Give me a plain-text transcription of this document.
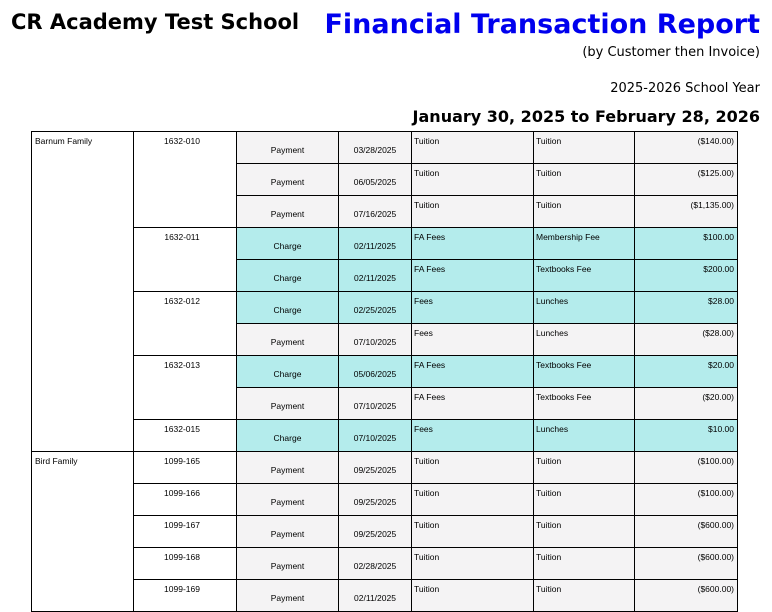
CR Academy Test School Financial Transaction Report
(by Customer then Invoice)
2025-2026 School Year
January 30, 2025 to February 28, 2026
Barnum Family	1632-010	Payment	03/28/2025	Tuition	Tuition	($140.00)
		Payment	06/05/2025	Tuition	Tuition	($125.00)
		Payment	07/16/2025	Tuition	Tuition	($1,135.00)
	1632-011	Charge	02/11/2025	FA Fees	Membership Fee	$100.00
		Charge	02/11/2025	FA Fees	Textbooks Fee	$200.00
	1632-012	Charge	02/25/2025	Fees	Lunches	$28.00
		Payment	07/10/2025	Fees	Lunches	($28.00)
	1632-013	Charge	05/06/2025	FA Fees	Textbooks Fee	$20.00
		Payment	07/10/2025	FA Fees	Textbooks Fee	($20.00)
	1632-015	Charge	07/10/2025	Fees	Lunches	$10.00
Bird Family	1099-165	Payment	09/25/2025	Tuition	Tuition	($100.00)
	1099-166	Payment	09/25/2025	Tuition	Tuition	($100.00)
	1099-167	Payment	09/25/2025	Tuition	Tuition	($600.00)
	1099-168	Payment	02/28/2025	Tuition	Tuition	($600.00)
	1099-169	Payment	02/11/2025	Tuition	Tuition	($600.00)
